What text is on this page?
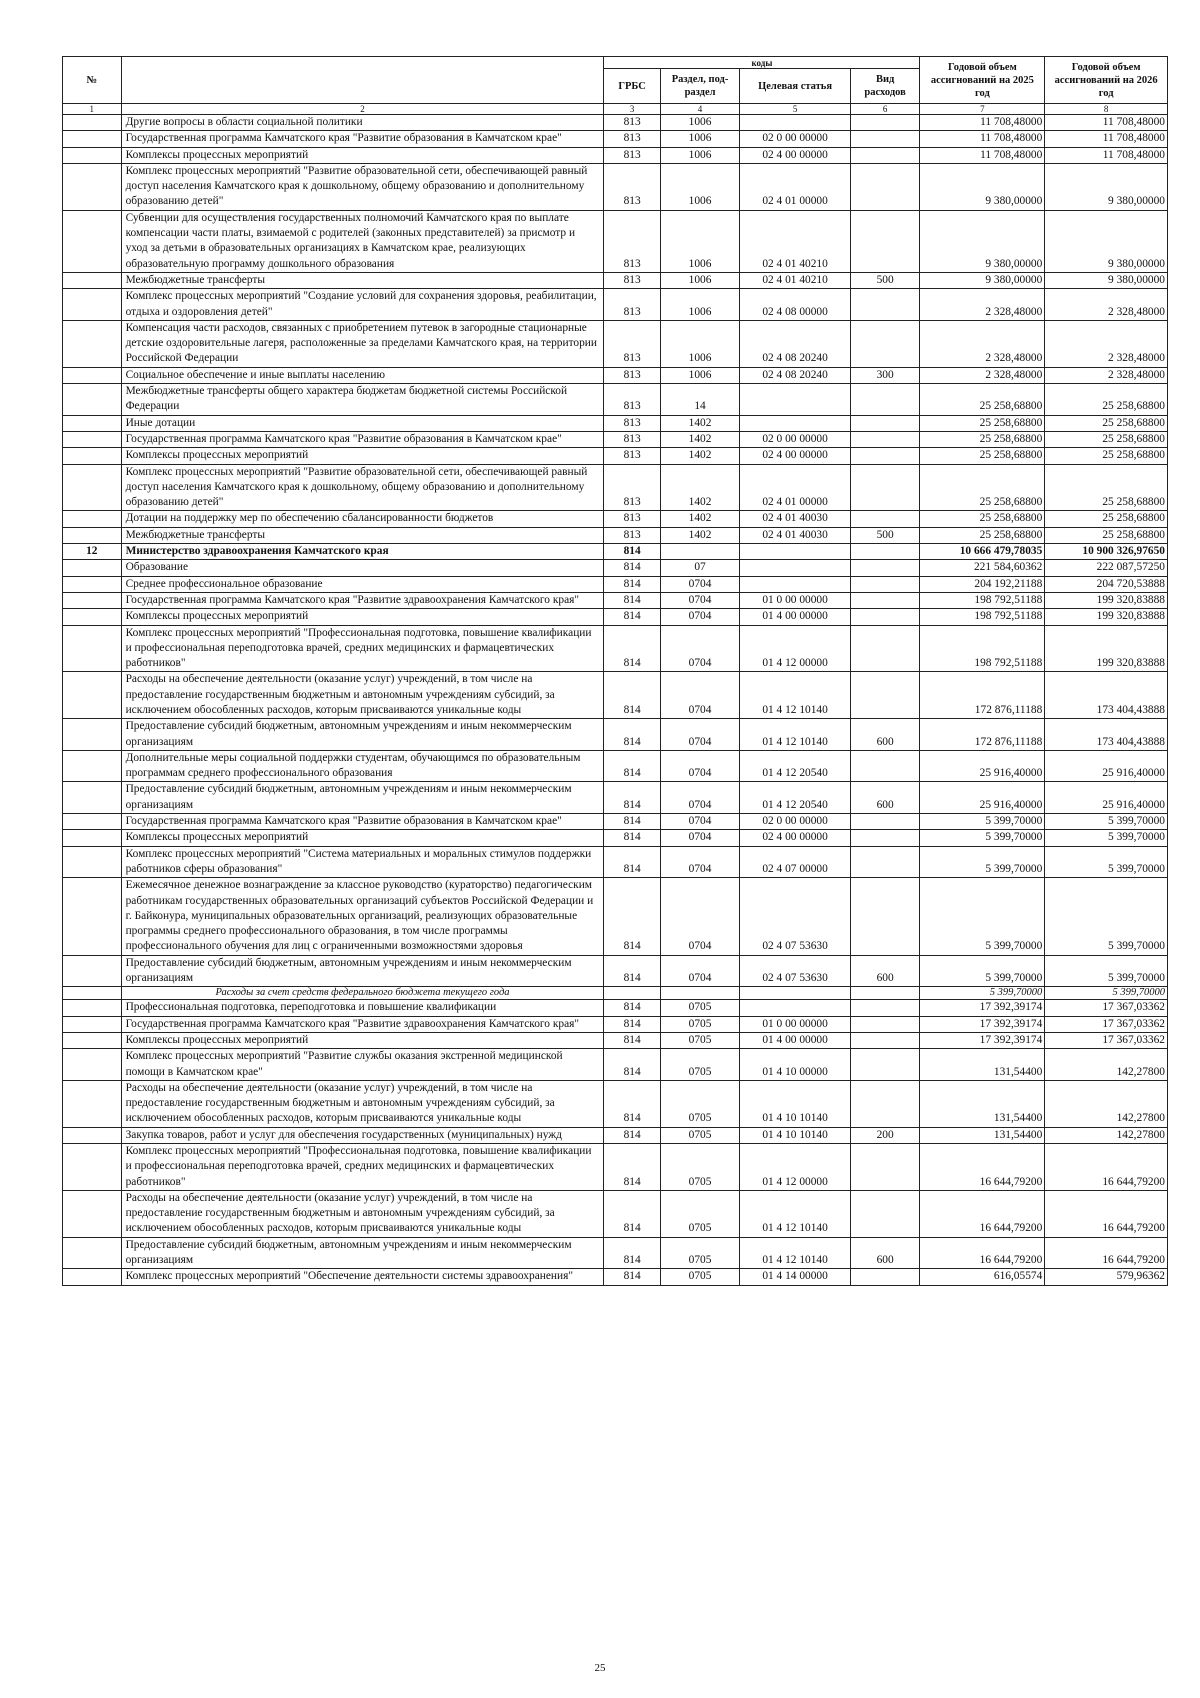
№		коды				Годовой объем ассигнований на 2025 год	Годовой объем ассигнований на 2026 год
		ГРБС	Раздел, под-раздел	Целевая статья	Вид расходов		
1	2	3	4	5	6	7	8
	Другие вопросы в области социальной политики	813	1006			11 708,48000	11 708,48000
	Государственная программа Камчатского края "Развитие образования в Камчатском крае"	813	1006	02 0 00 00000		11 708,48000	11 708,48000
	Комплексы процессных мероприятий	813	1006	02 4 00 00000		11 708,48000	11 708,48000
	Комплекс процессных мероприятий "Развитие образовательной сети, обеспечивающей равный доступ населения Камчатского края к дошкольному, общему образованию и дополнительному образованию детей"	813	1006	02 4 01 00000		9 380,00000	9 380,00000
	Субвенции для осуществления государственных полномочий Камчатского края по выплате компенсации части платы, взимаемой с родителей (законных представителей) за присмотр и уход за детьми в образовательных организациях в Камчатском крае, реализующих образовательную программу дошкольного образования	813	1006	02 4 01 40210		9 380,00000	9 380,00000
	Межбюджетные трансферты	813	1006	02 4 01 40210	500	9 380,00000	9 380,00000
	Комплекс процессных мероприятий "Создание условий для сохранения здоровья, реабилитации, отдыха и оздоровления детей"	813	1006	02 4 08 00000		2 328,48000	2 328,48000
	Компенсация части расходов, связанных с приобретением путевок в загородные стационарные детские оздоровительные лагеря, расположенные за пределами Камчатского края, на территории Российской Федерации	813	1006	02 4 08 20240		2 328,48000	2 328,48000
	Социальное обеспечение и иные выплаты населению	813	1006	02 4 08 20240	300	2 328,48000	2 328,48000
	Межбюджетные трансферты общего характера бюджетам бюджетной системы Российской Федерации	813	14			25 258,68800	25 258,68800
	Иные дотации	813	1402			25 258,68800	25 258,68800
	Государственная программа Камчатского края "Развитие образования в Камчатском крае"	813	1402	02 0 00 00000		25 258,68800	25 258,68800
	Комплексы процессных мероприятий	813	1402	02 4 00 00000		25 258,68800	25 258,68800
	Комплекс процессных мероприятий "Развитие образовательной сети, обеспечивающей равный доступ населения Камчатского края к дошкольному, общему образованию и дополнительному образованию детей"	813	1402	02 4 01 00000		25 258,68800	25 258,68800
	Дотации на поддержку мер по обеспечению сбалансированности бюджетов	813	1402	02 4 01 40030		25 258,68800	25 258,68800
	Межбюджетные трансферты	813	1402	02 4 01 40030	500	25 258,68800	25 258,68800
12	Министерство здравоохранения Камчатского края	814				10 666 479,78035	10 900 326,97650
	Образование	814	07			221 584,60362	222 087,57250
	Среднее профессиональное образование	814	0704			204 192,21188	204 720,53888
	Государственная программа Камчатского края "Развитие здравоохранения Камчатского края"	814	0704	01 0 00 00000		198 792,51188	199 320,83888
	Комплексы процессных мероприятий	814	0704	01 4 00 00000		198 792,51188	199 320,83888
	Комплекс процессных мероприятий "Профессиональная подготовка, повышение квалификации и профессиональная переподготовка врачей, средних медицинских и фармацевтических работников"	814	0704	01 4 12 00000		198 792,51188	199 320,83888
	Расходы на обеспечение деятельности (оказание услуг) учреждений, в том числе на предоставление государственным бюджетным и автономным учреждениям субсидий, за исключением обособленных расходов, которым присваиваются уникальные коды	814	0704	01 4 12 10140		172 876,11188	173 404,43888
	Предоставление субсидий бюджетным, автономным учреждениям и иным некоммерческим организациям	814	0704	01 4 12 10140	600	172 876,11188	173 404,43888
	Дополнительные меры социальной поддержки студентам, обучающимся по образовательным программам среднего профессионального образования	814	0704	01 4 12 20540		25 916,40000	25 916,40000
	Предоставление субсидий бюджетным, автономным учреждениям и иным некоммерческим организациям	814	0704	01 4 12 20540	600	25 916,40000	25 916,40000
	Государственная программа Камчатского края "Развитие образования в Камчатском крае"	814	0704	02 0 00 00000		5 399,70000	5 399,70000
	Комплексы процессных мероприятий	814	0704	02 4 00 00000		5 399,70000	5 399,70000
	Комплекс процессных мероприятий "Система материальных и моральных стимулов поддержки работников сферы образования"	814	0704	02 4 07 00000		5 399,70000	5 399,70000
	Ежемесячное денежное вознаграждение за классное руководство (кураторство) педагогическим работникам государственных образовательных организаций субъектов Российской Федерации и г. Байконура, муниципальных образовательных организаций, реализующих образовательные программы среднего профессионального образования, в том числе программы профессионального обучения для лиц с ограниченными возможностями здоровья	814	0704	02 4 07 53630		5 399,70000	5 399,70000
	Предоставление субсидий бюджетным, автономным учреждениям и иным некоммерческим организациям	814	0704	02 4 07 53630	600	5 399,70000	5 399,70000
	Расходы за счет средств федерального бюджета текущего года					5 399,70000	5 399,70000
	Профессиональная подготовка, переподготовка и повышение квалификации	814	0705			17 392,39174	17 367,03362
	Государственная программа Камчатского края "Развитие здравоохранения Камчатского края"	814	0705	01 0 00 00000		17 392,39174	17 367,03362
	Комплексы процессных мероприятий	814	0705	01 4 00 00000		17 392,39174	17 367,03362
	Комплекс процессных мероприятий "Развитие службы оказания экстренной медицинской помощи в Камчатском крае"	814	0705	01 4 10 00000		131,54400	142,27800
	Расходы на обеспечение деятельности (оказание услуг) учреждений, в том числе на предоставление государственным бюджетным и автономным учреждениям субсидий, за исключением обособленных расходов, которым присваиваются уникальные коды	814	0705	01 4 10 10140		131,54400	142,27800
	Закупка товаров, работ и услуг для обеспечения государственных (муниципальных) нужд	814	0705	01 4 10 10140	200	131,54400	142,27800
	Комплекс процессных мероприятий "Профессиональная подготовка, повышение квалификации и профессиональная переподготовка врачей, средних медицинских и фармацевтических работников"	814	0705	01 4 12 00000		16 644,79200	16 644,79200
	Расходы на обеспечение деятельности (оказание услуг) учреждений, в том числе на предоставление государственным бюджетным и автономным учреждениям субсидий, за исключением обособленных расходов, которым присваиваются уникальные коды	814	0705	01 4 12 10140		16 644,79200	16 644,79200
	Предоставление субсидий бюджетным, автономным учреждениям и иным некоммерческим организациям	814	0705	01 4 12 10140	600	16 644,79200	16 644,79200
	Комплекс процессных мероприятий "Обеспечение деятельности системы здравоохранения"	814	0705	01 4 14 00000		616,05574	579,96362
25
